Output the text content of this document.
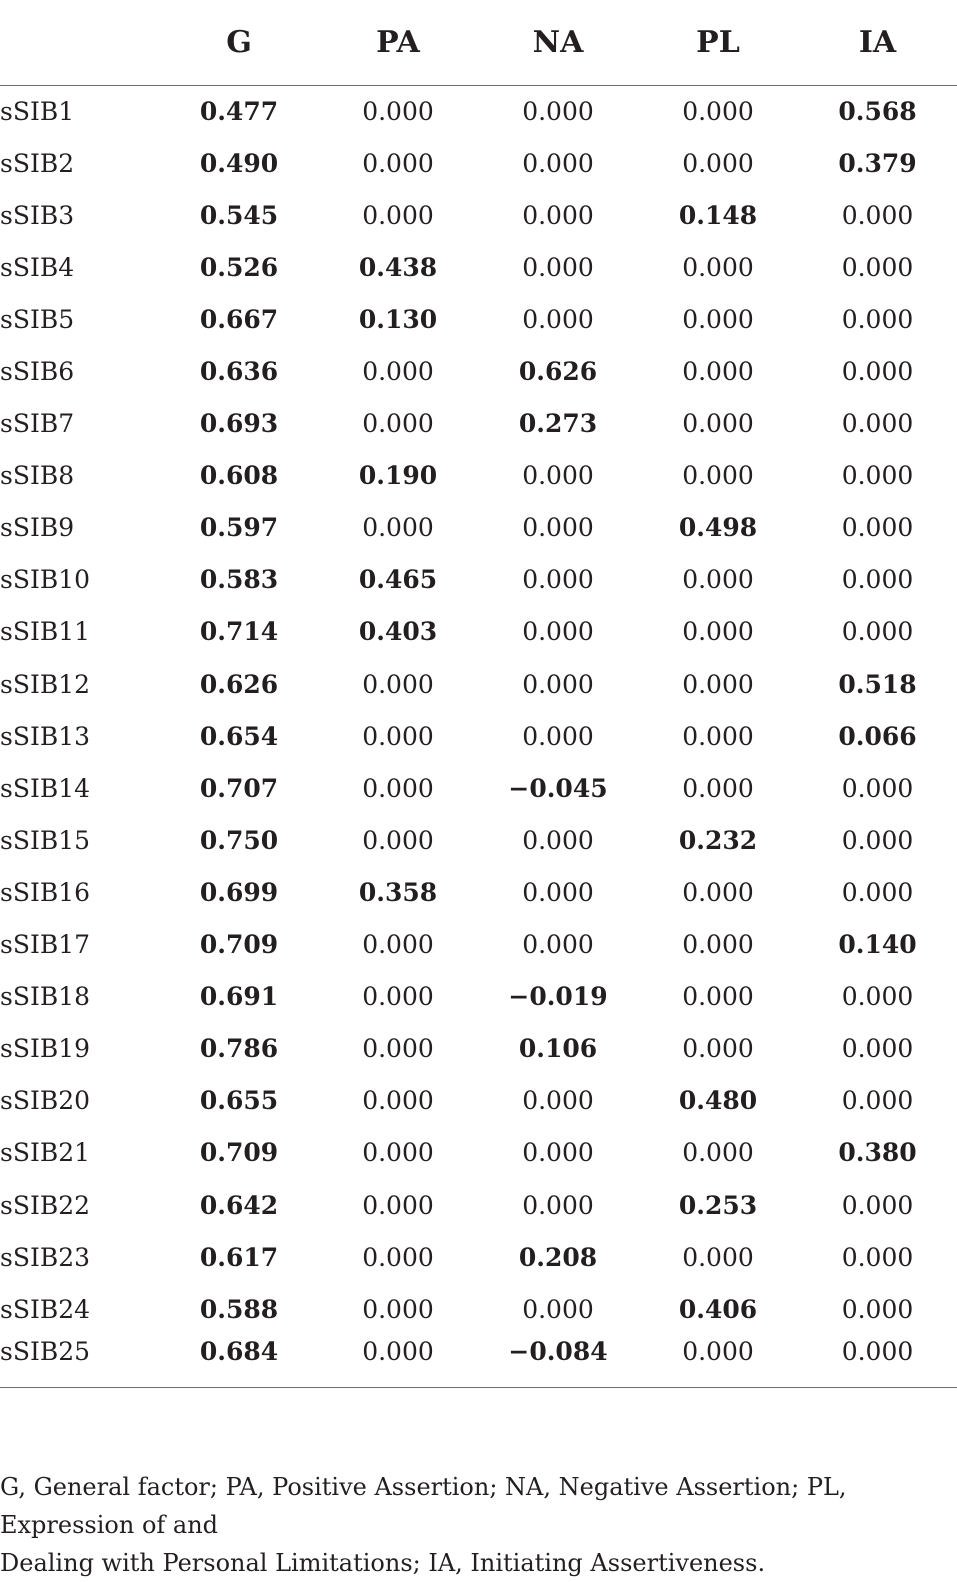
	G	PA	NA	PL	IA
sSIB1	0.477	0.000	0.000	0.000	0.568
sSIB2	0.490	0.000	0.000	0.000	0.379
sSIB3	0.545	0.000	0.000	0.148	0.000
sSIB4	0.526	0.438	0.000	0.000	0.000
sSIB5	0.667	0.130	0.000	0.000	0.000
sSIB6	0.636	0.000	0.626	0.000	0.000
sSIB7	0.693	0.000	0.273	0.000	0.000
sSIB8	0.608	0.190	0.000	0.000	0.000
sSIB9	0.597	0.000	0.000	0.498	0.000
sSIB10	0.583	0.465	0.000	0.000	0.000
sSIB11	0.714	0.403	0.000	0.000	0.000
sSIB12	0.626	0.000	0.000	0.000	0.518
sSIB13	0.654	0.000	0.000	0.000	0.066
sSIB14	0.707	0.000	−0.045	0.000	0.000
sSIB15	0.750	0.000	0.000	0.232	0.000
sSIB16	0.699	0.358	0.000	0.000	0.000
sSIB17	0.709	0.000	0.000	0.000	0.140
sSIB18	0.691	0.000	−0.019	0.000	0.000
sSIB19	0.786	0.000	0.106	0.000	0.000
sSIB20	0.655	0.000	0.000	0.480	0.000
sSIB21	0.709	0.000	0.000	0.000	0.380
sSIB22	0.642	0.000	0.000	0.253	0.000
sSIB23	0.617	0.000	0.208	0.000	0.000
sSIB24	0.588	0.000	0.000	0.406	0.000
sSIB25	0.684	0.000	−0.084	0.000	0.000
G, General factor; PA, Positive Assertion; NA, Negative Assertion; PL, Expression of and
Dealing with Personal Limitations; IA, Initiating Assertiveness.
